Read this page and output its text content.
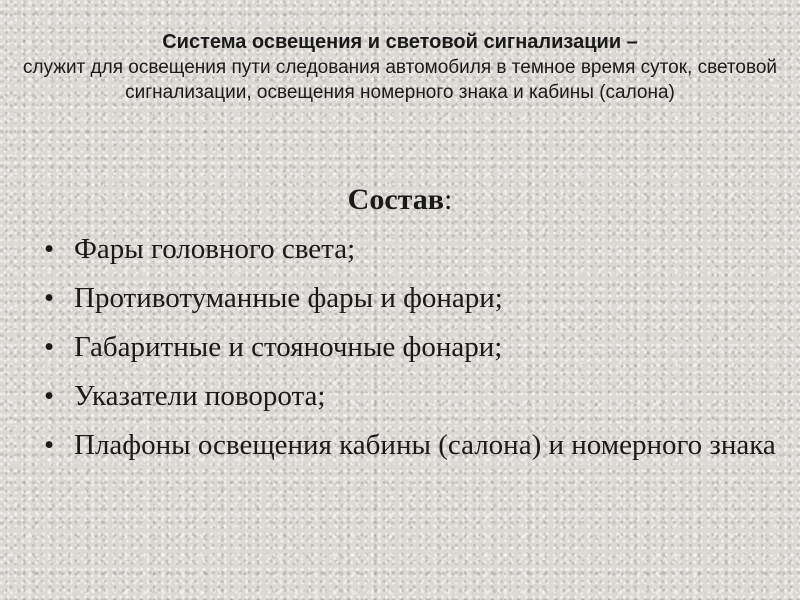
Система освещения и световой сигнализации –
служит для освещения пути следования автомобиля в темное время суток, световой сигнализации, освещения номерного знака и кабины (салона)
Состав:
• Фары головного света;
• Противотуманные фары и фонари;
• Габаритные и стояночные фонари;
• Указатели поворота;
• Плафоны освещения кабины (салона) и номерного знака
